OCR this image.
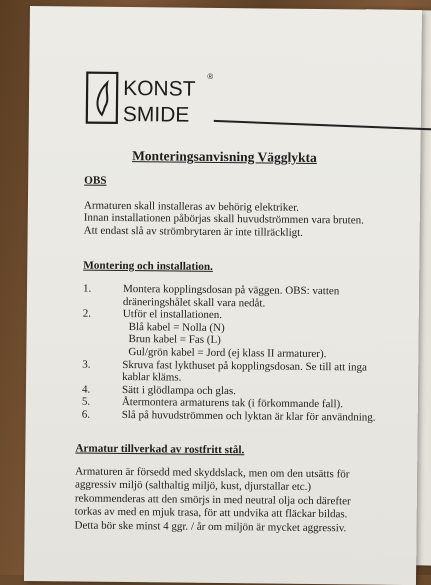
KONST
SMIDE
®
Monteringsanvisning Vägglykta
OBS
Armaturen skall installeras av behörig elektriker.
Innan installationen påbörjas skall huvudströmmen vara bruten.
Att endast slå av strömbrytaren är inte tillräckligt.
Montering och installation.
1.	Montera kopplingsdosan på väggen. OBS: vatten
dräneringshålet skall vara nedåt.
2.	Utför el installationen.
Blå kabel = Nolla (N)
Brun kabel = Fas (L)
Gul/grön kabel = Jord (ej klass II armaturer).
3.	Skruva fast lykthuset på kopplingsdosan. Se till att inga
kablar kläms.
4.	Sätt i glödlampa och glas.
5.	Återmontera armaturens tak (i förkommande fall).
6.	Slå på huvudströmmen och lyktan är klar för användning.
Armatur tillverkad av rostfritt stål.
Armaturen är försedd med skyddslack, men om den utsätts för
aggressiv miljö (salthaltig miljö, kust, djurstallar etc.)
rekommenderas att den smörjs in med neutral olja och därefter
torkas av med en mjuk trasa, för att undvika att fläckar bildas.
Detta bör ske minst 4 ggr. / år om miljön är mycket aggressiv.
